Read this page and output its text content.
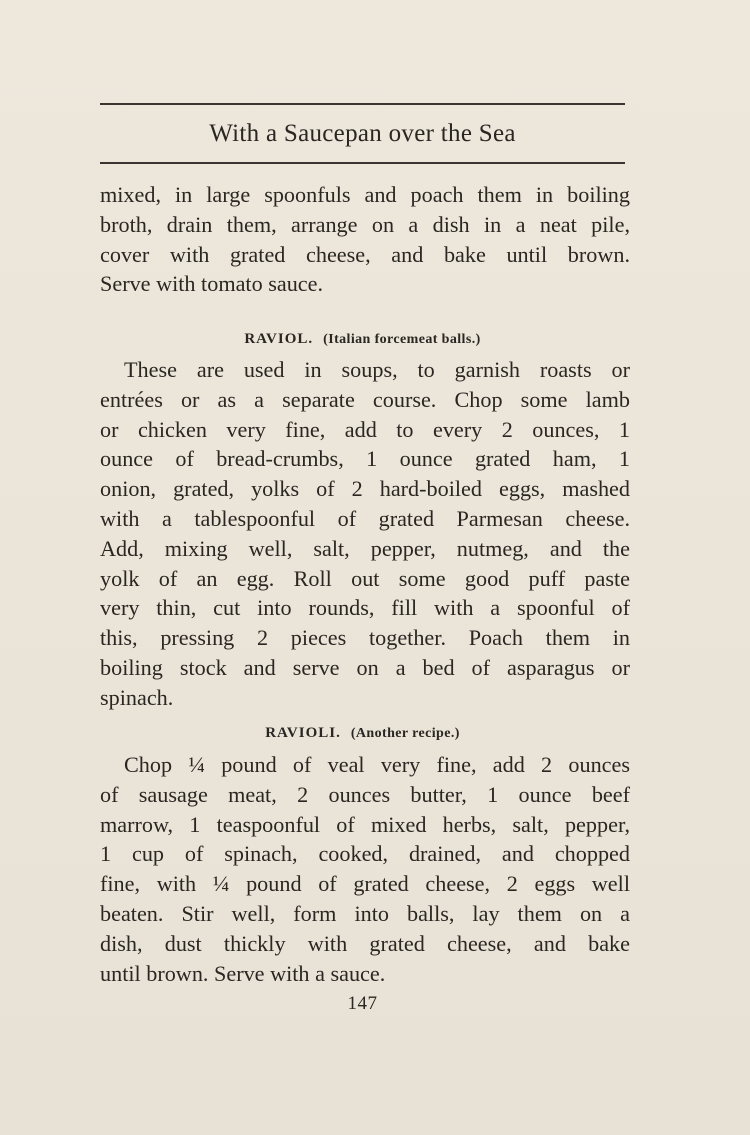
With a Saucepan over the Sea
mixed, in large spoonfuls and poach them in boiling
broth, drain them, arrange on a dish in a neat pile,
cover with grated cheese, and bake until brown.
Serve with tomato sauce.
RAVIOL. (Italian forcemeat balls.)
These are used in soups, to garnish roasts or
entrées or as a separate course. Chop some lamb
or chicken very fine, add to every 2 ounces, 1
ounce of bread-crumbs, 1 ounce grated ham, 1
onion, grated, yolks of 2 hard-boiled eggs, mashed
with a tablespoonful of grated Parmesan cheese.
Add, mixing well, salt, pepper, nutmeg, and the
yolk of an egg. Roll out some good puff paste
very thin, cut into rounds, fill with a spoonful of
this, pressing 2 pieces together. Poach them in
boiling stock and serve on a bed of asparagus or
spinach.
RAVIOLI. (Another recipe.)
Chop ¼ pound of veal very fine, add 2 ounces
of sausage meat, 2 ounces butter, 1 ounce beef
marrow, 1 teaspoonful of mixed herbs, salt, pepper,
1 cup of spinach, cooked, drained, and chopped
fine, with ¼ pound of grated cheese, 2 eggs well
beaten. Stir well, form into balls, lay them on a
dish, dust thickly with grated cheese, and bake
until brown. Serve with a sauce.
147
